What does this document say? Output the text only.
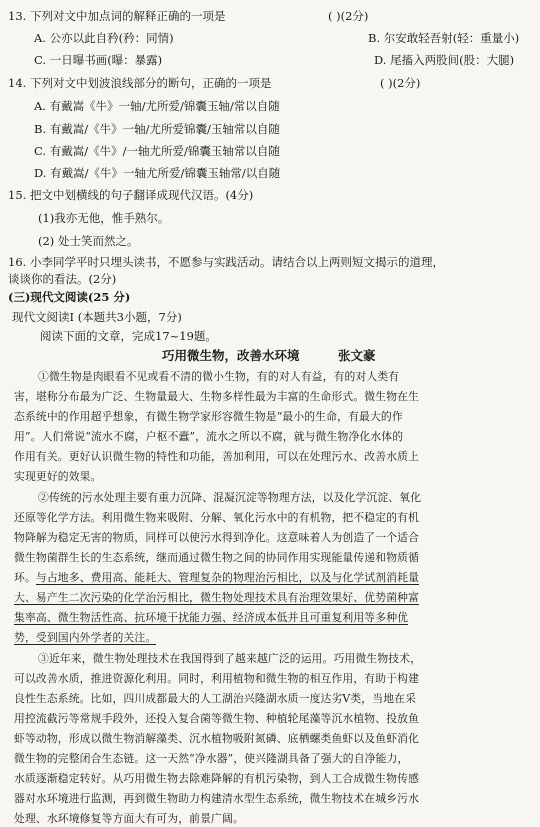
13. 下列对文中加点词的解释正确的一项是	( )(2分)
A. 公亦以此自矜(矜：同情)	B. 尔安敢轻吾射(轻：重量小)
C. 一日曝书画(曝：暴露)	D. 尾搐入两股间(股：大腿)
14. 下列对文中划波浪线部分的断句，正确的一项是	( )(2分)
A. 有戴嵩《牛》一轴/尤所爱/锦囊玉轴/常以自随
B. 有戴嵩/《牛》一轴/尤所爱锦囊/玉轴常以自随
C. 有戴嵩/《牛》/一轴尤所爱/锦囊玉轴常以自随
D. 有戴嵩/《牛》一轴尤所爱/锦囊玉轴常/以自随
15. 把文中划横线的句子翻译成现代汉语。(4分)
(1)我亦无他，惟手熟尔。
(2) 处士笑而然之。
16. 小李同学平时只埋头读书，不愿参与实践活动。请结合以上两则短文揭示的道理，
谈谈你的看法。(2分)
(三)现代文阅读(25 分)
现代文阅读Ⅰ (本题共3小题，7分)
阅读下面的文章，完成17~19题。
巧用微生物，改善水环境	张文豪
①微生物是肉眼看不见或看不清的微小生物，有的对人有益，有的对人类有
害，堪称分布最为广泛、生物量最大、生物多样性最为丰富的生命形式。微生物在生
态系统中的作用超乎想象，有微生物学家形容微生物是“最小的生命，有最大的作
用”。人们常说“流水不腐，户枢不蠹”，流水之所以不腐，就与微生物净化水体的
作用有关。更好认识微生物的特性和功能，善加利用，可以在处理污水、改善水质上
实现更好的效果。
②传统的污水处理主要有重力沉降、混凝沉淀等物理方法，以及化学沉淀、氧化
还原等化学方法。利用微生物来吸附、分解、氧化污水中的有机物，把不稳定的有机
物降解为稳定无害的物质，同样可以使污水得到净化。这意味着人为创造了一个适合
微生物菌群生长的生态系统，继而通过微生物之间的协同作用实现能量传递和物质循
环。与占地多、费用高、能耗大、管理复杂的物理治污相比，以及与化学试剂消耗量
大、易产生二次污染的化学治污相比，微生物处理技术具有治理效果好、优势菌种富
集率高、微生物活性高、抗环境干扰能力强、经济成本低并且可重复利用等多种优
势，受到国内外学者的关注。
③近年来，微生物处理技术在我国得到了越来越广泛的运用。巧用微生物技术，
可以改善水质，推进资源化利用。同时，利用植物和微生物的相互作用，有助于构建
良性生态系统。比如，四川成都最大的人工湖治兴隆湖水质一度达劣V类，当地在采
用控流截污等常规手段外，还投入复合菌等微生物、种植轮尾藻等沉水植物、投放鱼
虾等动物，形成以微生物消解藻类、沉水植物吸附氮磷、底栖螺类鱼虾以及鱼虾消化
微生物的完整闭合生态链。这一天然“净水器”，使兴隆湖具备了强大的自净能力，
水质逐渐稳定转好。从巧用微生物去除难降解的有机污染物，到人工合成微生物传感
器对水环境进行监测，再到微生物助力构建清水型生态系统，微生物技术在城乡污水
处理、水环境修复等方面大有可为，前景广阔。
